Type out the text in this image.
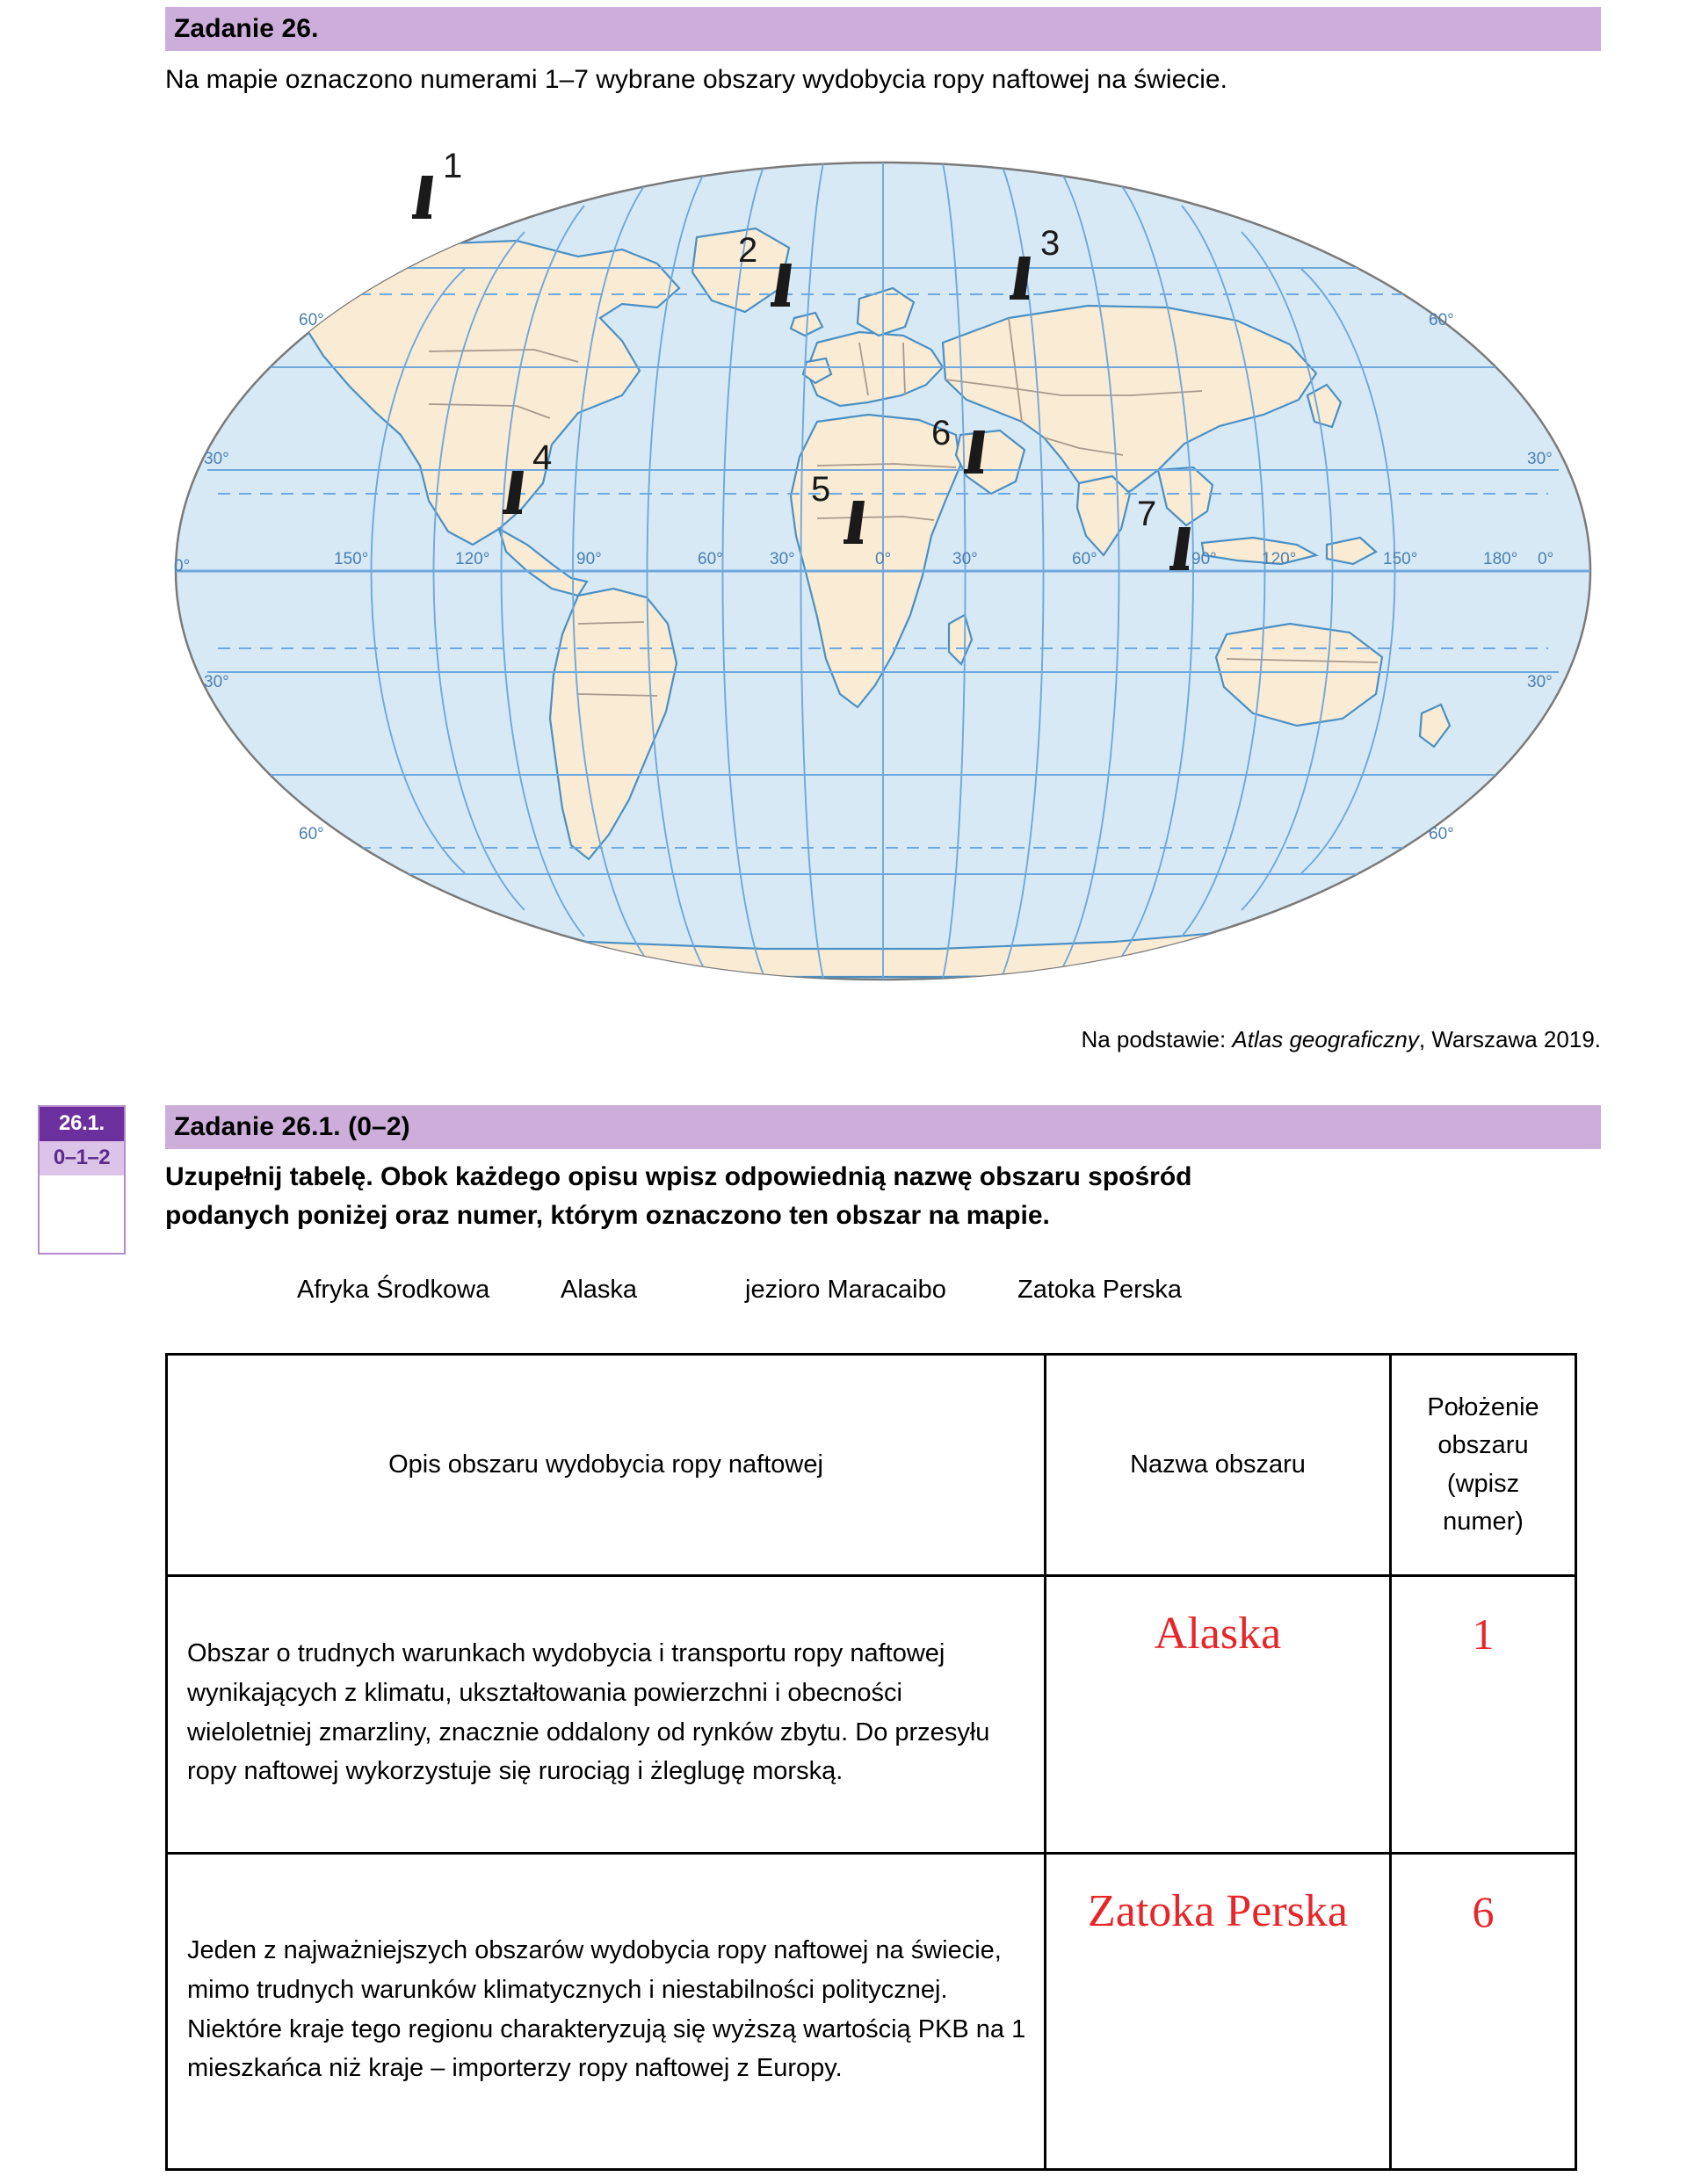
Zadanie 26.
Na mapie oznaczono numerami 1–7 wybrane obszary wydobycia ropy naftowej na świecie.
150°	120°	90°	60°	30°	0°	30°	60°	90°	120°	150°	180° 0°
60°	60°
30°	30°
0°
30°	30°
60°	60°
1
2	3
4
5
6
7
Na podstawie: Atlas geograficzny, Warszawa 2019.
26.1.
0–1–2
Zadanie 26.1. (0–2)
Uzupełnij tabelę. Obok każdego opisu wpisz odpowiednią nazwę obszaru spośród
podanych poniżej oraz numer, którym oznaczono ten obszar na mapie.
Afryka Środkowa	Alaska	jezioro Maracaibo	Zatoka Perska
Opis obszaru wydobycia ropy naftowej	Nazwa obszaru	Położenie
obszaru
(wpisz
numer)

Obszar o trudnych warunkach wydobycia i transportu ropy naftowej wynikających z klimatu, ukształtowania powierzchni i obecności wieloletniej zmarzliny, znacznie oddalony od rynków zbytu. Do przesyłu ropy naftowej wykorzystuje się rurociąg i żleglugę morską.	Alaska	1
Jeden z najważniejszych obszarów wydobycia ropy naftowej na świecie, mimo trudnych warunków klimatycznych i niestabilności politycznej. Niektóre kraje tego regionu charakteryzują się wyższą wartością PKB na 1 mieszkańca niż kraje – importerzy ropy naftowej z Europy.	Zatoka Perska	6
